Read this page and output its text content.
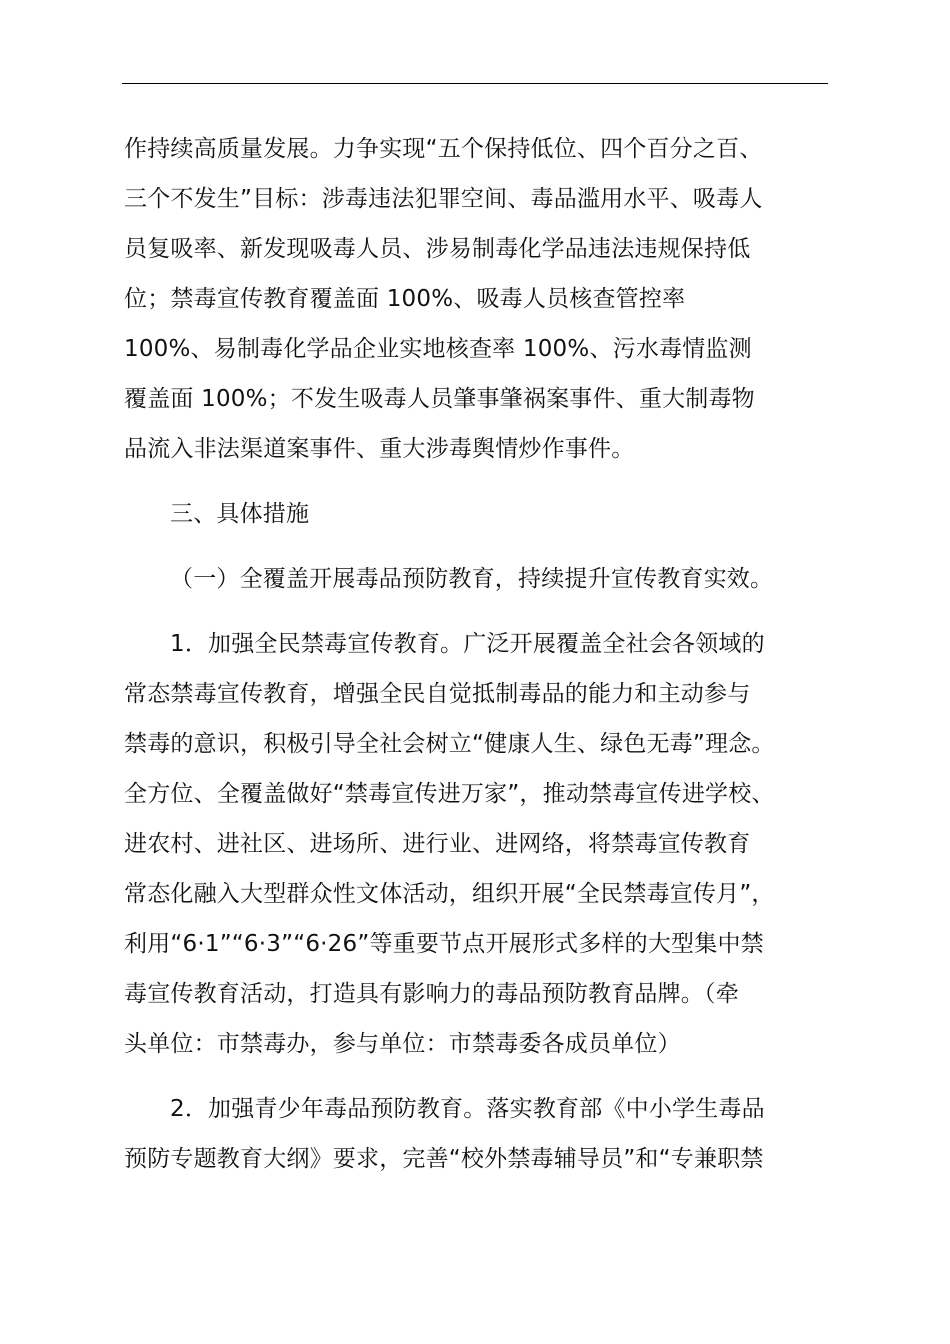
作持续高质量发展。力争实现“五个保持低位、四个百分之百、
三个不发生”目标：涉毒违法犯罪空间、毒品滥用水平、吸毒人
员复吸率、新发现吸毒人员、涉易制毒化学品违法违规保持低
位；禁毒宣传教育覆盖面 100%、吸毒人员核查管控率
100%、易制毒化学品企业实地核查率 100%、污水毒情监测
覆盖面 100%；不发生吸毒人员肇事肇祸案事件、重大制毒物
品流入非法渠道案事件、重大涉毒舆情炒作事件。
三、具体措施
（一）全覆盖开展毒品预防教育，持续提升宣传教育实效。
1．加强全民禁毒宣传教育。广泛开展覆盖全社会各领域的
常态禁毒宣传教育，增强全民自觉抵制毒品的能力和主动参与
禁毒的意识，积极引导全社会树立“健康人生、绿色无毒”理念。
全方位、全覆盖做好“禁毒宣传进万家”，推动禁毒宣传进学校、
进农村、进社区、进场所、进行业、进网络，将禁毒宣传教育
常态化融入大型群众性文体活动，组织开展“全民禁毒宣传月”，
利用“6·1”“6·3”“6·26”等重要节点开展形式多样的大型集中禁
毒宣传教育活动，打造具有影响力的毒品预防教育品牌。（牵
头单位：市禁毒办，参与单位：市禁毒委各成员单位）
2．加强青少年毒品预防教育。落实教育部《中小学生毒品
预防专题教育大纲》要求，完善“校外禁毒辅导员”和“专兼职禁
